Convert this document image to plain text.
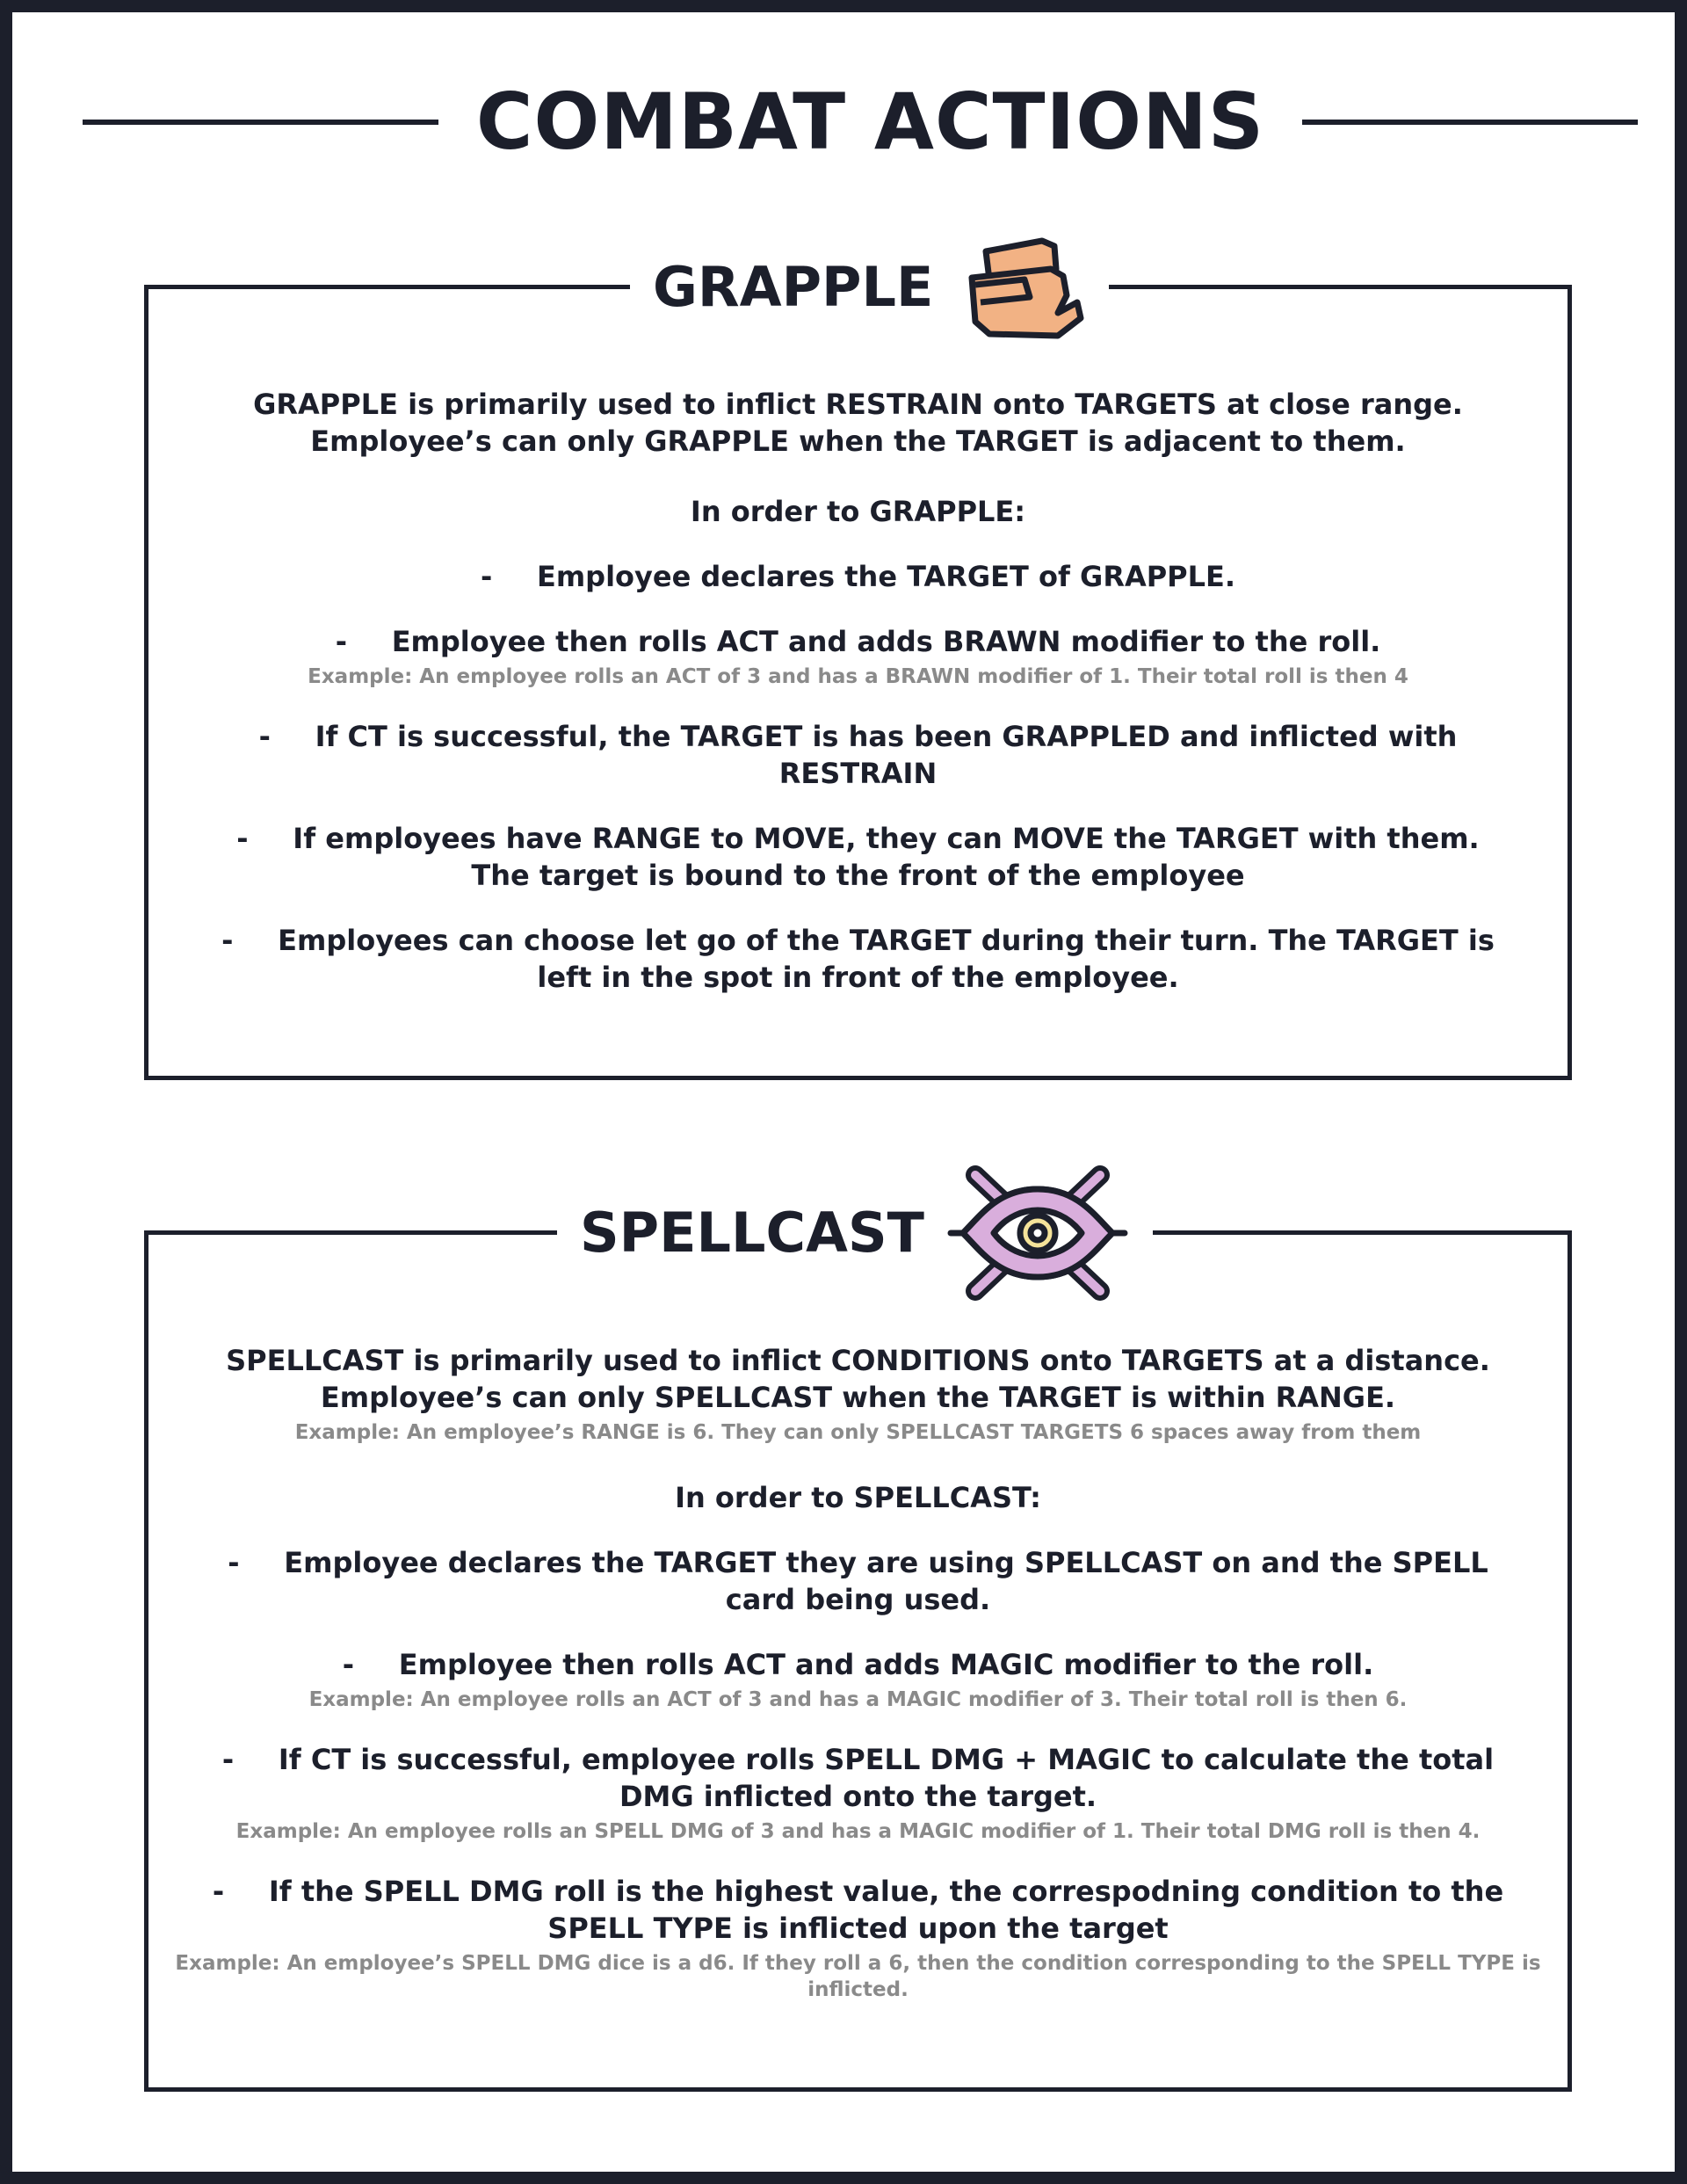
COMBAT ACTIONS
GRAPPLE

GRAPPLE is primarily used to inflict RESTRAIN onto TARGETS at close range.

Employee’s can only GRAPPLE when the TARGET is adjacent to them.

In order to GRAPPLE:

- Employee declares the TARGET of GRAPPLE.
- Employee then rolls ACT and adds BRAWN modifier to the roll.

Example: An employee rolls an ACT of 3 and has a BRAWN modifier of 1. Their total roll is then 4

- If CT is successful, the TARGET is has been GRAPPLED and inflicted with RESTRAIN
- If employees have RANGE to MOVE, they can MOVE the TARGET with them. The target is bound to the front of the employee
- Employees can choose let go of the TARGET during their turn. The TARGET is left in the spot in front of the employee.
SPELLCAST

SPELLCAST is primarily used to inflict CONDITIONS onto TARGETS at a distance.

Employee’s can only SPELLCAST when the TARGET is within RANGE.

Example: An employee’s RANGE is 6. They can only SPELLCAST TARGETS 6 spaces away from them

In order to SPELLCAST:

- Employee declares the TARGET they are using SPELLCAST on and the SPELL card being used.
- Employee then rolls ACT and adds MAGIC modifier to the roll.

Example: An employee rolls an ACT of 3 and has a MAGIC modifier of 3. Their total roll is then 6.

- If CT is successful, employee rolls SPELL DMG + MAGIC to calculate the total DMG inflicted onto the target.

Example: An employee rolls an SPELL DMG of 3 and has a MAGIC modifier of 1. Their total DMG roll is then 4.

- If the SPELL DMG roll is the highest value, the correspodning condition to the SPELL TYPE is inflicted upon the target

Example: An employee’s SPELL DMG dice is a d6. If they roll a 6, then the condition corresponding to the SPELL TYPE is inflicted.
